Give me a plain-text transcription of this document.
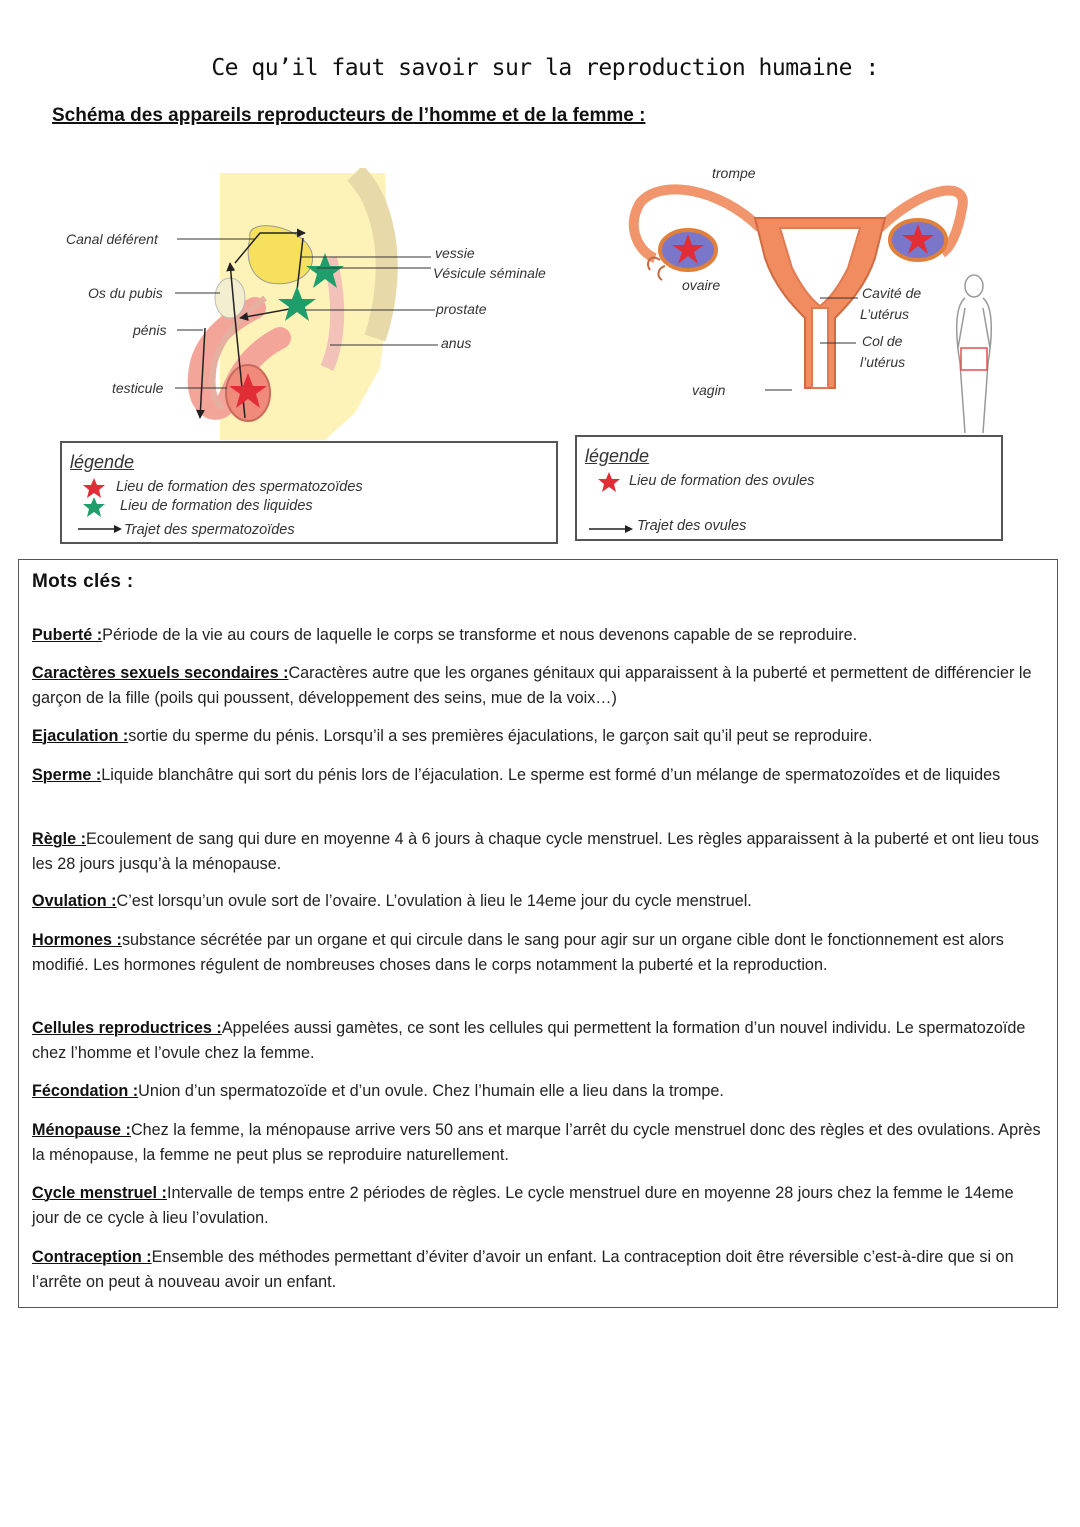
Ce qu’il faut savoir sur la reproduction humaine :
Schéma des appareils reproducteurs de l’homme et de la femme :
Canal déférent
Os du pubis
pénis
testicule
vessie
Vésicule séminale
prostate
anus
légende
Lieu de formation des spermatozoïdes
Lieu de formation des liquides
Trajet des spermatozoïdes
trompe
ovaire
vagin
Cavité de
L’utérus
Col de
l’utérus
légende
Lieu de formation des ovules
Trajet des ovules
Mots clés :
Puberté :Période de la vie au cours de laquelle le corps se transforme et nous devenons capable de se reproduire.
Caractères sexuels secondaires :Caractères autre que les organes génitaux qui apparaissent à la puberté et permettent de différencier le garçon de la fille (poils qui poussent, développement des seins, mue de la voix…)
Ejaculation :sortie du sperme du pénis. Lorsqu’il a ses premières éjaculations, le garçon sait qu’il peut se reproduire.
Sperme :Liquide blanchâtre qui sort du pénis lors de l’éjaculation. Le sperme est formé d’un mélange de spermatozoïdes et de liquides
Règle :Ecoulement de sang qui dure en moyenne 4 à 6 jours à chaque cycle menstruel. Les règles apparaissent à la puberté et ont lieu tous les 28 jours jusqu’à la ménopause.
Ovulation :C’est lorsqu’un ovule sort de l’ovaire. L’ovulation à lieu le 14eme jour du cycle menstruel.
Hormones :substance sécrétée par un organe et qui circule dans le sang pour agir sur un organe cible dont le fonctionnement est alors modifié. Les hormones régulent de nombreuses choses dans le corps notamment la puberté et la reproduction.
Cellules reproductrices :Appelées aussi gamètes, ce sont les cellules qui permettent la formation d’un nouvel individu. Le spermatozoïde chez l’homme et l’ovule chez la femme.
Fécondation :Union d’un spermatozoïde et d’un ovule. Chez l’humain elle a lieu dans la trompe.
Ménopause :Chez la femme, la ménopause arrive vers 50 ans et marque l’arrêt du cycle menstruel donc des règles et des ovulations. Après la ménopause, la femme ne peut plus se reproduire naturellement.
Cycle menstruel :Intervalle de temps entre 2 périodes de règles. Le cycle menstruel dure en moyenne 28 jours chez la femme le 14eme jour de ce cycle à lieu l’ovulation.
Contraception :Ensemble des méthodes permettant d’éviter d’avoir un enfant. La contraception doit être réversible c’est-à-dire que si on l’arrête on peut à nouveau avoir un enfant.
